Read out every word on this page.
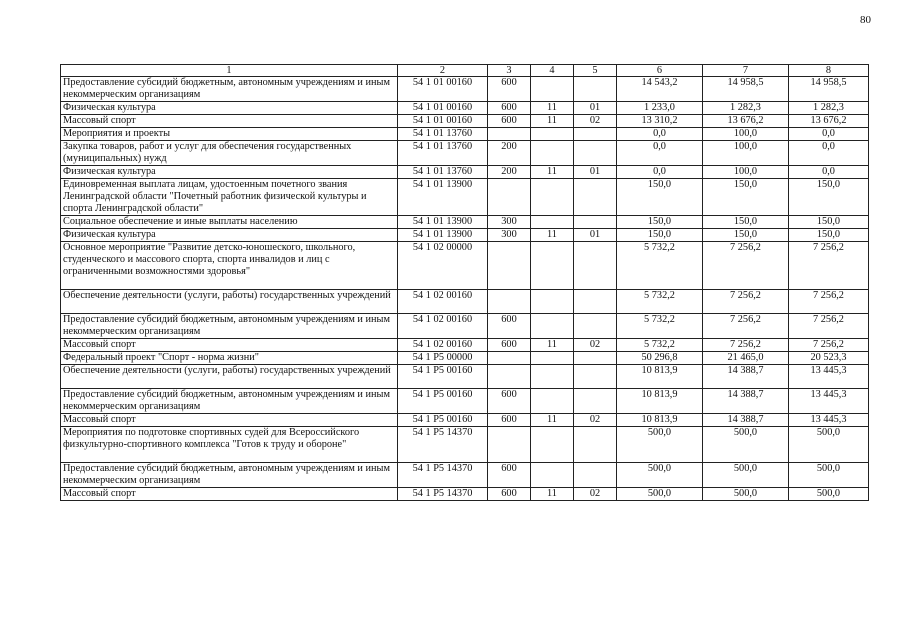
80
1	2	3	4	5	6	7	8
Предоставление субсидий бюджетным, автономным учреждениям и иным некоммерческим организациям	54 1 01 00160	600			14 543,2	14 958,5	14 958,5
Физическая культура	54 1 01 00160	600	11	01	1 233,0	1 282,3	1 282,3
Массовый спорт	54 1 01 00160	600	11	02	13 310,2	13 676,2	13 676,2
Мероприятия и проекты	54 1 01 13760				0,0	100,0	0,0
Закупка товаров, работ и услуг для обеспечения государственных (муниципальных) нужд	54 1 01 13760	200			0,0	100,0	0,0
Физическая культура	54 1 01 13760	200	11	01	0,0	100,0	0,0
Единовременная выплата лицам, удостоенным почетного звания Ленинградской области "Почетный работник физической культуры и спорта Ленинградской области"	54 1 01 13900				150,0	150,0	150,0
Социальное обеспечение и иные выплаты населению	54 1 01 13900	300			150,0	150,0	150,0
Физическая культура	54 1 01 13900	300	11	01	150,0	150,0	150,0
Основное мероприятие "Развитие детско-юношеского, школьного, студенческого и массового спорта, спорта инвалидов и лиц с ограниченными возможностями здоровья"	54 1 02 00000				5 732,2	7 256,2	7 256,2
Обеспечение деятельности (услуги, работы) государственных учреждений	54 1 02 00160				5 732,2	7 256,2	7 256,2
Предоставление субсидий бюджетным, автономным учреждениям и иным некоммерческим организациям	54 1 02 00160	600			5 732,2	7 256,2	7 256,2
Массовый спорт	54 1 02 00160	600	11	02	5 732,2	7 256,2	7 256,2
Федеральный проект "Спорт - норма жизни"	54 1 P5 00000				50 296,8	21 465,0	20 523,3
Обеспечение деятельности (услуги, работы) государственных учреждений	54 1 P5 00160				10 813,9	14 388,7	13 445,3
Предоставление субсидий бюджетным, автономным учреждениям и иным некоммерческим организациям	54 1 P5 00160	600			10 813,9	14 388,7	13 445,3
Массовый спорт	54 1 P5 00160	600	11	02	10 813,9	14 388,7	13 445,3
Мероприятия по подготовке спортивных судей для Всероссийского физкультурно-спортивного комплекса "Готов к труду и обороне"	54 1 P5 14370				500,0	500,0	500,0
Предоставление субсидий бюджетным, автономным учреждениям и иным некоммерческим организациям	54 1 P5 14370	600			500,0	500,0	500,0
Массовый спорт	54 1 P5 14370	600	11	02	500,0	500,0	500,0
